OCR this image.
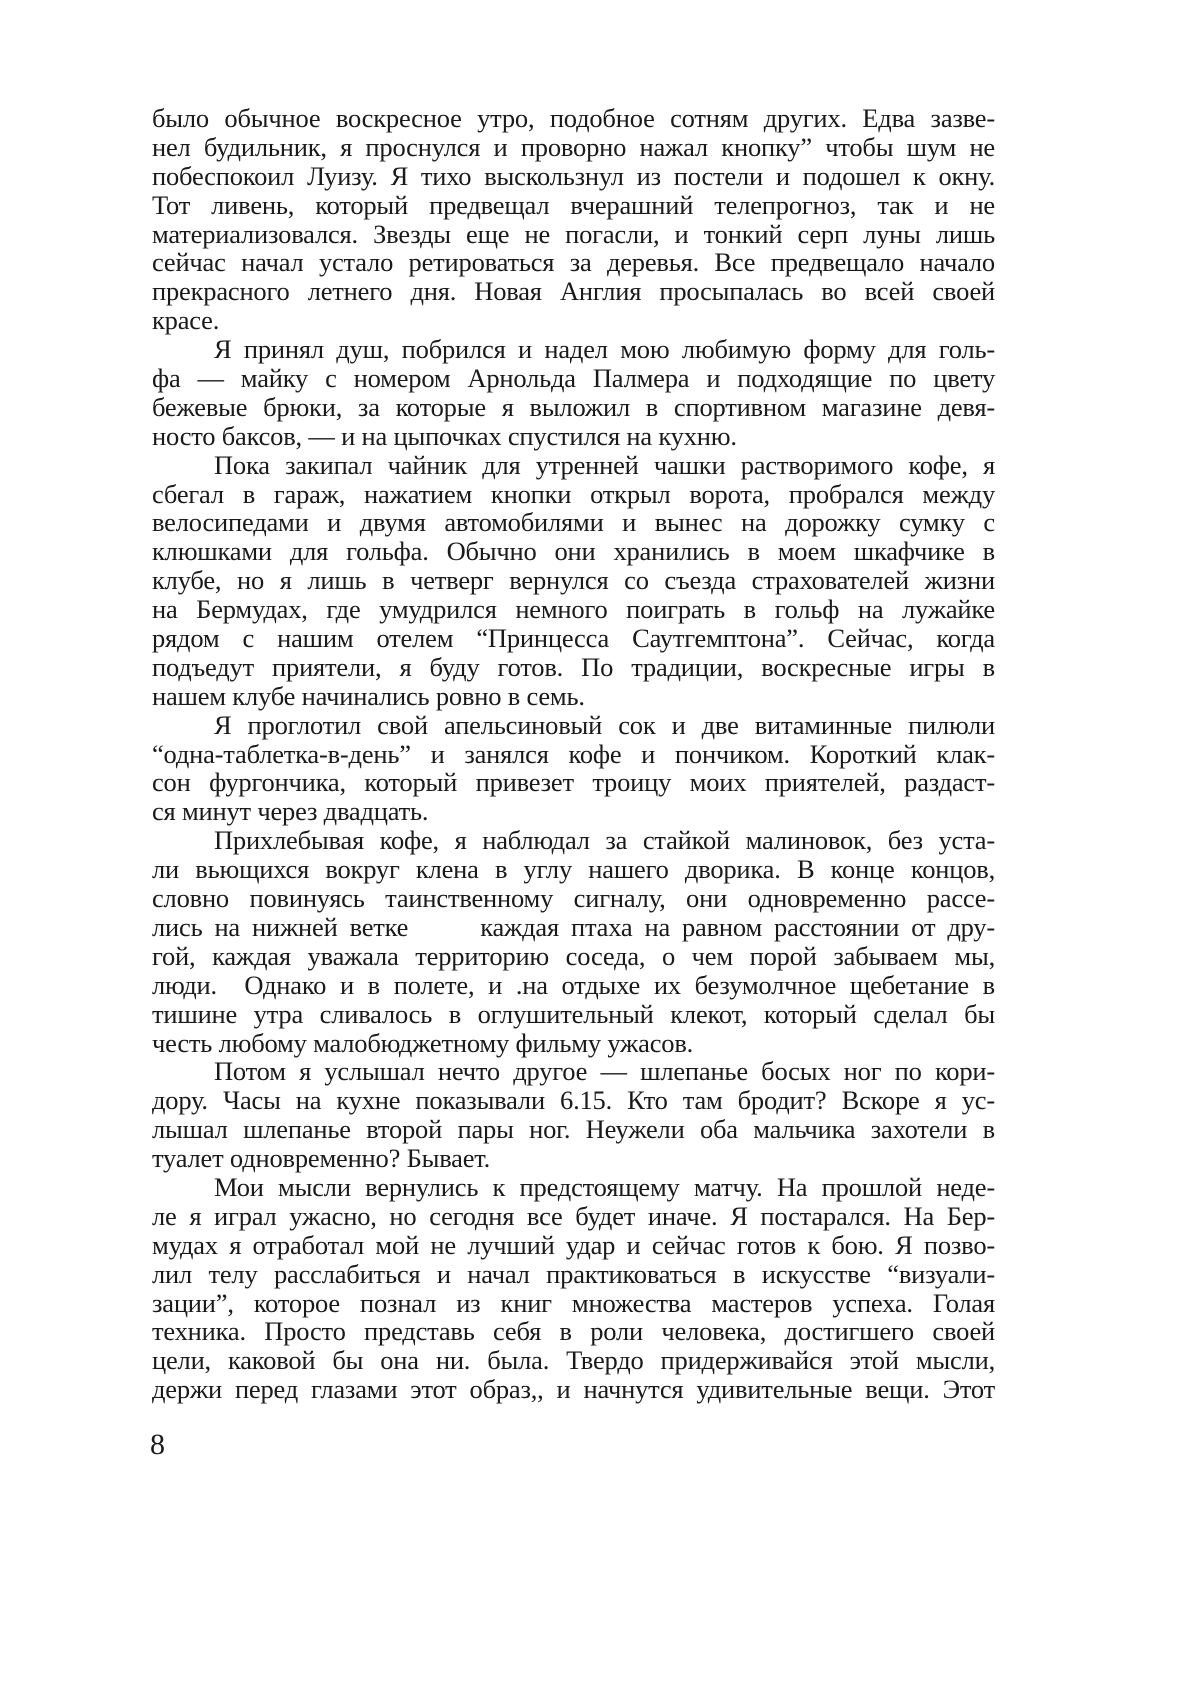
было обычное воскресное утро, подобное сотням других. Едва зазве-
нел будильник, я проснулся и проворно нажал кнопку” чтобы шум не
побеспокоил Луизу. Я тихо выскользнул из постели и подошел к окну.
Тот ливень, который предвещал вчерашний телепрогноз, так и не
материализовался. Звезды еще не погасли, и тонкий серп луны лишь
сейчас начал устало ретироваться за деревья. Все предвещало начало
прекрасного летнего дня. Новая Англия просыпалась во всей своей
красе.
Я принял душ, побрился и надел мою любимую форму для голь-
фа — майку с номером Арнольда Палмера и подходящие по цвету
бежевые брюки, за которые я выложил в спортивном магазине девя-
носто баксов, — и на цыпочках спустился на кухню.
Пока закипал чайник для утренней чашки растворимого кофе, я
сбегал в гараж, нажатием кнопки открыл ворота, пробрался между
велосипедами и двумя автомобилями и вынес на дорожку сумку с
клюшками для гольфа. Обычно они хранились в моем шкафчике в
клубе, но я лишь в четверг вернулся со съезда страхователей жизни
на Бермудах, где умудрился немного поиграть в гольф на лужайке
рядом с нашим отелем “Принцесса Саутгемптона”. Сейчас, когда
подъедут приятели, я буду готов. По традиции, воскресные игры в
нашем клубе начинались ровно в семь.
Я проглотил свой апельсиновый сок и две витаминные пилюли
“одна-таблетка-в-день” и занялся кофе и пончиком. Короткий клак-
сон фургончика, который привезет троицу моих приятелей, раздаст-
ся минут через двадцать.
Прихлебывая кофе, я наблюдал за стайкой малиновок, без уста-
ли вьющихся вокруг клена в углу нашего дворика. В конце концов,
словно повинуясь таинственному сигналу, они одновременно рассе-
лись на нижней ветке      каждая птаха на равном расстоянии от дру-
гой, каждая уважала территорию соседа, о чем порой забываем мы,
люди.  Однако и в полете, и .на отдыхе их безумолчное щебетание в
тишине утра сливалось в оглушительный клекот, который сделал бы
честь любому малобюджетному фильму ужасов.
Потом я услышал нечто другое — шлепанье босых ног по кори-
дору. Часы на кухне показывали 6.15. Кто там бродит? Вскоре я ус-
лышал шлепанье второй пары ног. Неужели оба мальчика захотели в
туалет одновременно? Бывает.
Мои мысли вернулись к предстоящему матчу. На прошлой неде-
ле я играл ужасно, но сегодня все будет иначе. Я постарался. На Бер-
мудах я отработал мой не лучший удар и сейчас готов к бою. Я позво-
лил телу расслабиться и начал практиковаться в искусстве “визуали-
зации”, которое познал из книг множества мастеров успеха. Голая
техника. Просто представь себя в роли человека, достигшего своей
цели, каковой бы она ни. была. Твердо придерживайся этой мысли,
держи перед глазами этот образ,, и начнутся удивительные вещи. Этот
8
